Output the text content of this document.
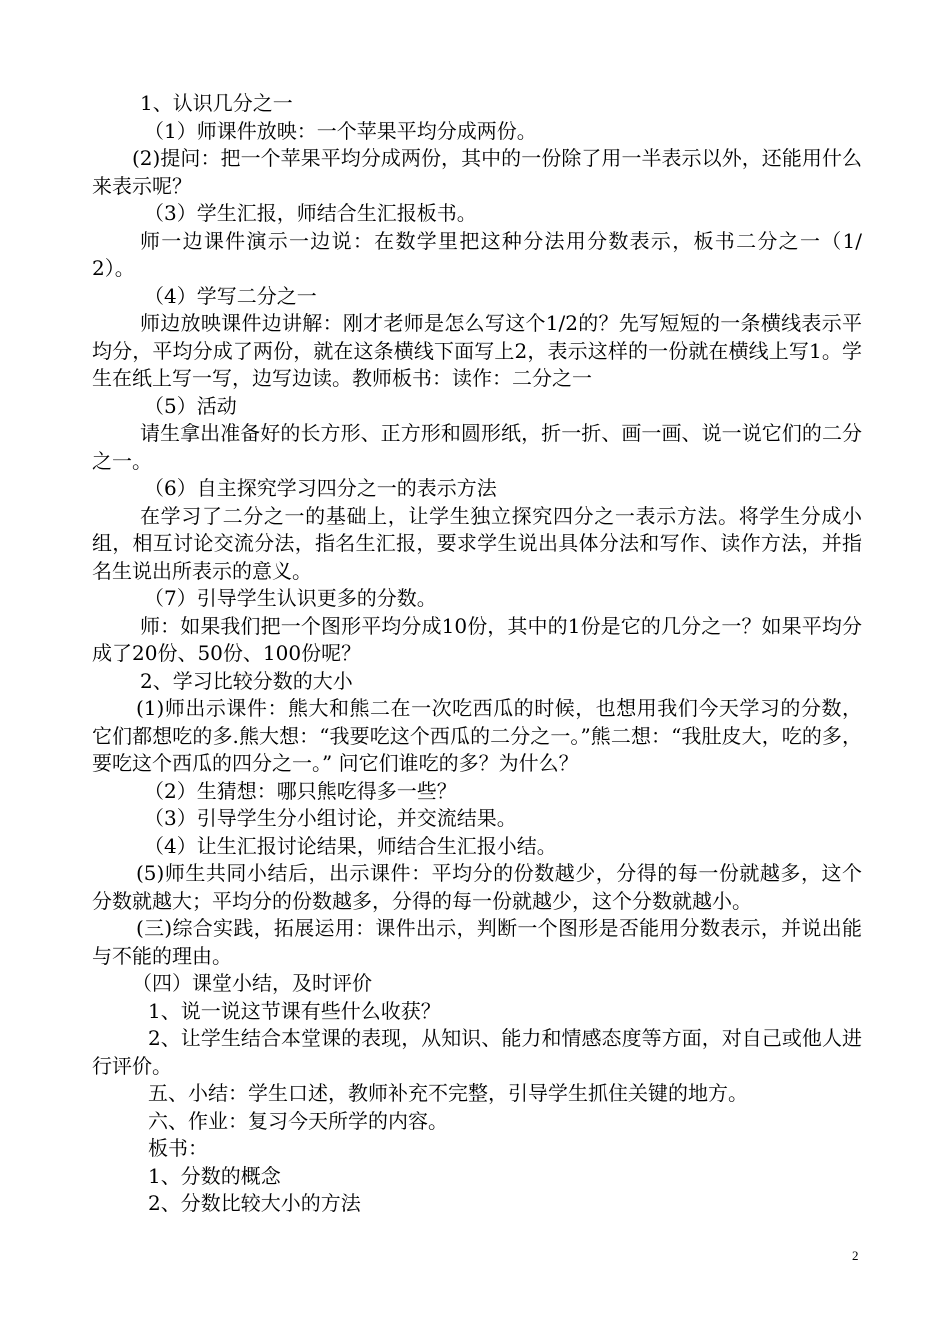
1、认识几分之一

（1）师课件放映：一个苹果平均分成两份。

(2)提问：把一个苹果平均分成两份，其中的一份除了用一半表示以外，还能用什么来表示呢？

（3）学生汇报，师结合生汇报板书。

师一边课件演示一边说：在数学里把这种分法用分数表示，板书二分之一（1/2）。

（4）学写二分之一

师边放映课件边讲解：刚才老师是怎么写这个1/2的？先写短短的一条横线表示平均分，平均分成了两份，就在这条横线下面写上2，表示这样的一份就在横线上写1。学生在纸上写一写，边写边读。教师板书：读作：二分之一

（5）活动

请生拿出准备好的长方形、正方形和圆形纸，折一折、画一画、说一说它们的二分之一。

（6）自主探究学习四分之一的表示方法

在学习了二分之一的基础上，让学生独立探究四分之一表示方法。将学生分成小组，相互讨论交流分法，指名生汇报，要求学生说出具体分法和写作、读作方法，并指名生说出所表示的意义。

（7）引导学生认识更多的分数。

师：如果我们把一个图形平均分成10份，其中的1份是它的几分之一？如果平均分成了20份、50份、100份呢？

2、学习比较分数的大小

(1)师出示课件：熊大和熊二在一次吃西瓜的时候，也想用我们今天学习的分数，它们都想吃的多.熊大想：“我要吃这个西瓜的二分之一。”熊二想：“我肚皮大，吃的多，要吃这个西瓜的四分之一。” 问它们谁吃的多？为什么？

（2）生猜想：哪只熊吃得多一些？

（3）引导学生分小组讨论，并交流结果。

（4）让生汇报讨论结果，师结合生汇报小结。

(5)师生共同小结后，出示课件：平均分的份数越少，分得的每一份就越多，这个分数就越大；平均分的份数越多，分得的每一份就越少，这个分数就越小。

(三)综合实践，拓展运用：课件出示，判断一个图形是否能用分数表示，并说出能与不能的理由。

（四）课堂小结，及时评价

1、说一说这节课有些什么收获？

2、让学生结合本堂课的表现，从知识、能力和情感态度等方面，对自己或他人进行评价。

五、小结：学生口述，教师补充不完整，引导学生抓住关键的地方。

六、作业：复习今天所学的内容。

板书：

1、分数的概念

2、分数比较大小的方法

2
